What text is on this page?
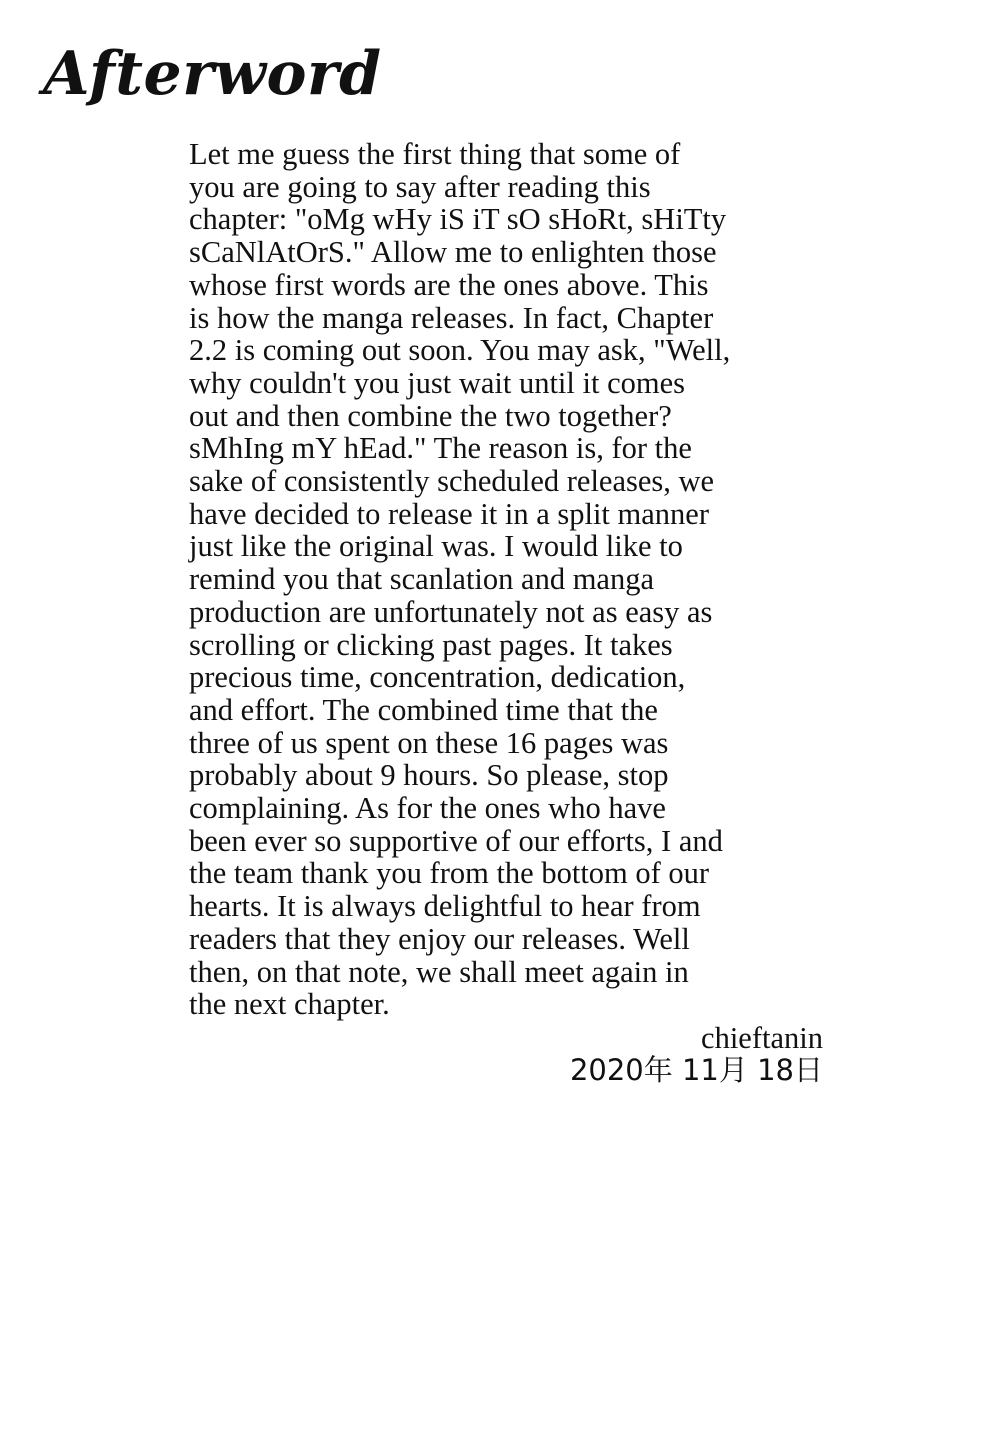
Afterword
Let me guess the first thing that some of
you are going to say after reading this
chapter: "oMg wHy iS iT sO sHoRt, sHiTty
sCaNlAtOrS." Allow me to enlighten those
whose first words are the ones above. This
is how the manga releases. In fact, Chapter
2.2 is coming out soon. You may ask, "Well,
why couldn't you just wait until it comes
out and then combine the two together?
sMhIng mY hEad." The reason is, for the
sake of consistently scheduled releases, we
have decided to release it in a split manner
just like the original was. I would like to
remind you that scanlation and manga
production are unfortunately not as easy as
scrolling or clicking past pages. It takes
precious time, concentration, dedication,
and effort. The combined time that the
three of us spent on these 16 pages was
probably about 9 hours. So please, stop
complaining. As for the ones who have
been ever so supportive of our efforts, I and
the team thank you from the bottom of our
hearts. It is always delightful to hear from
readers that they enjoy our releases. Well
then, on that note, we shall meet again in
the next chapter.
chieftanin
2020年 11月 18日
